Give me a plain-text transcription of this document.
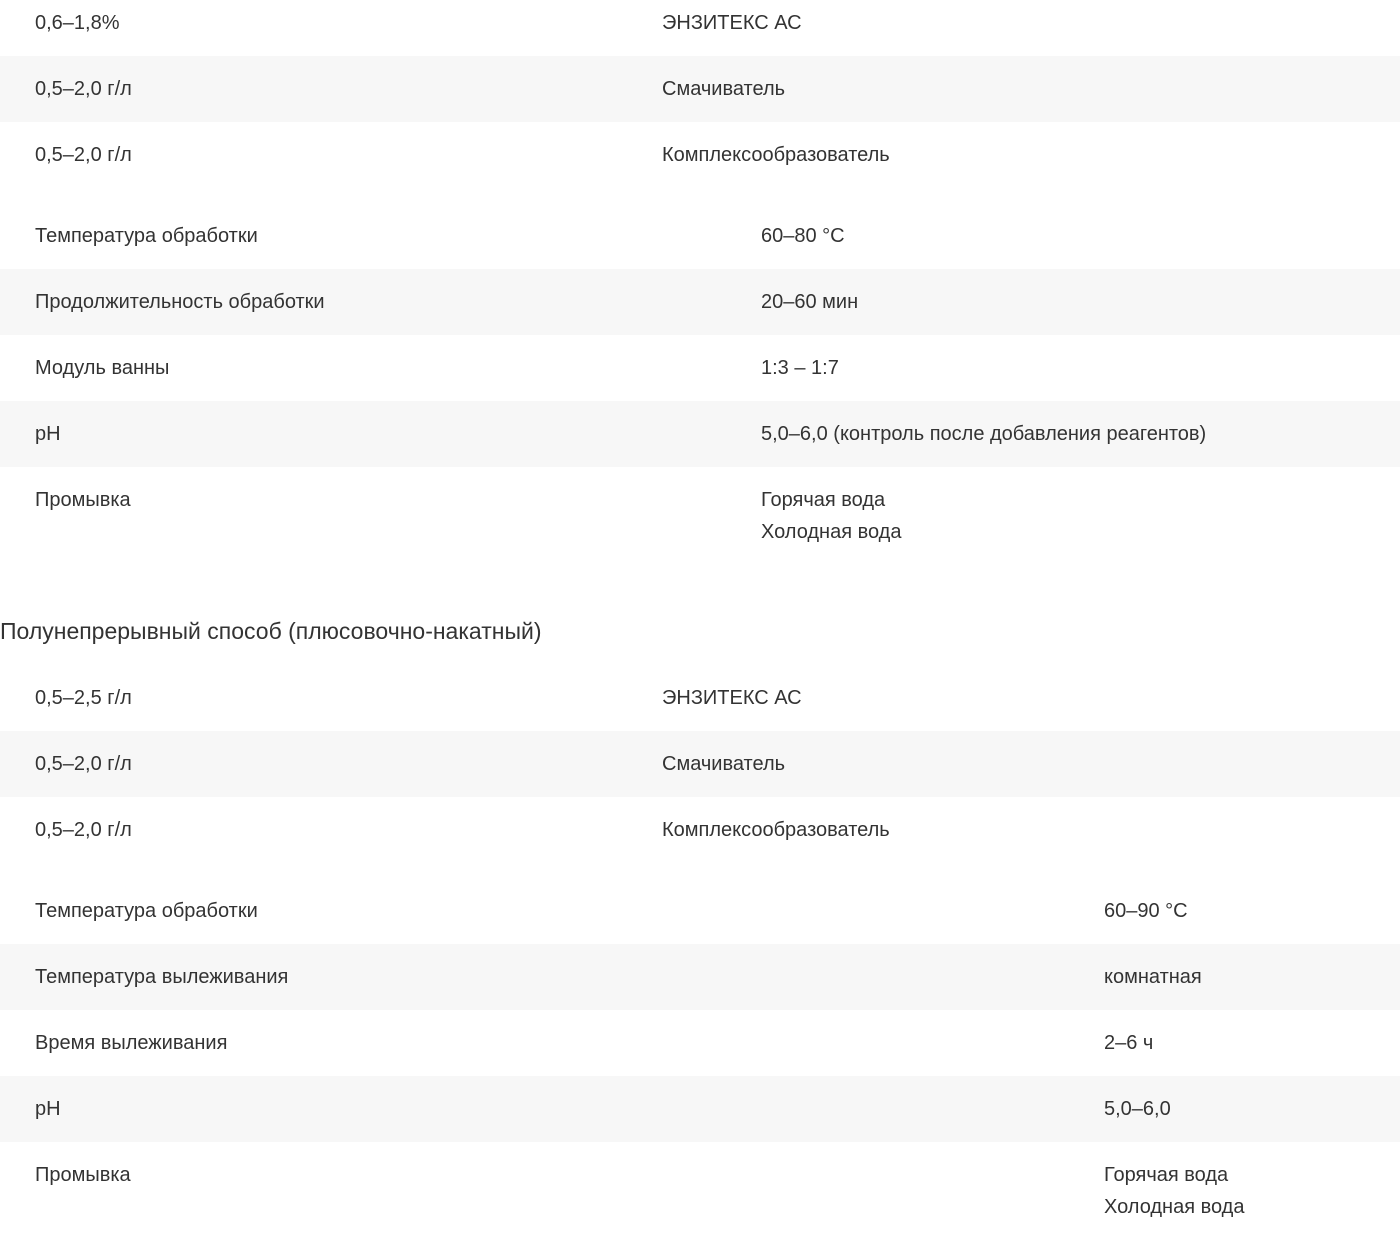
0,6–1,8%	ЭНЗИТЕКС АС
0,5–2,0 г/л	Смачиватель
0,5–2,0 г/л	Комплексообразователь
Температура обработки	60–80 °C
Продолжительность обработки	20–60 мин
Модуль ванны	1:3 – 1:7
pH	5,0–6,0 (контроль после добавления реагентов)
Промывка	Горячая вода
Холодная вода
Полунепрерывный способ (плюсовочно-накатный)
0,5–2,5 г/л	ЭНЗИТЕКС АС
0,5–2,0 г/л	Смачиватель
0,5–2,0 г/л	Комплексообразователь
Температура обработки	60–90 °C
Температура вылеживания	комнатная
Время вылеживания	2–6 ч
pH	5,0–6,0
Промывка	Горячая вода
Холодная вода
